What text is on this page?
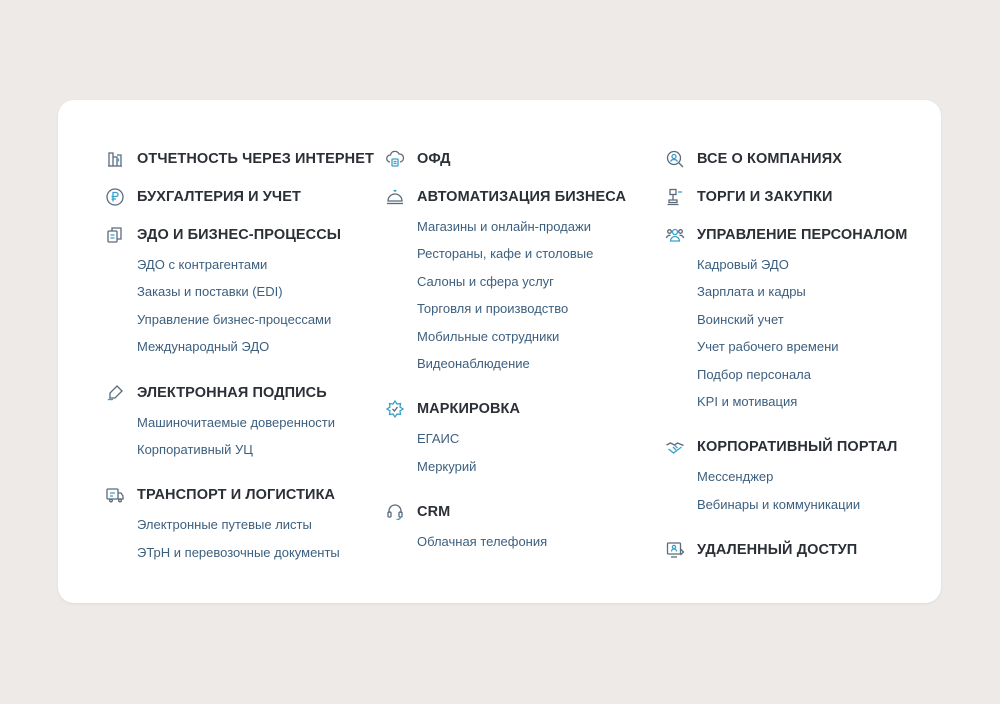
ОТЧЕТНОСТЬ ЧЕРЕЗ ИНТЕРНЕТ
БУХГАЛТЕРИЯ И УЧЕТ
ЭДО И БИЗНЕС-ПРОЦЕССЫ
ЭДО с контрагентами
Заказы и поставки (EDI)
Управление бизнес-процессами
Международный ЭДО
ЭЛЕКТРОННАЯ ПОДПИСЬ
Машиночитаемые доверенности
Корпоративный УЦ
ТРАНСПОРТ И ЛОГИСТИКА
Электронные путевые листы
ЭТрН и перевозочные документы
ОФД
АВТОМАТИЗАЦИЯ БИЗНЕСА
Магазины и онлайн-продажи
Рестораны, кафе и столовые
Салоны и сфера услуг
Торговля и производство
Мобильные сотрудники
Видеонаблюдение
МАРКИРОВКА
ЕГАИС
Меркурий
CRM
Облачная телефония
ВСЕ О КОМПАНИЯХ
ТОРГИ И ЗАКУПКИ
УПРАВЛЕНИЕ ПЕРСОНАЛОМ
Кадровый ЭДО
Зарплата и кадры
Воинский учет
Учет рабочего времени
Подбор персонала
KPI и мотивация
КОРПОРАТИВНЫЙ ПОРТАЛ
Мессенджер
Вебинары и коммуникации
УДАЛЕННЫЙ ДОСТУП
